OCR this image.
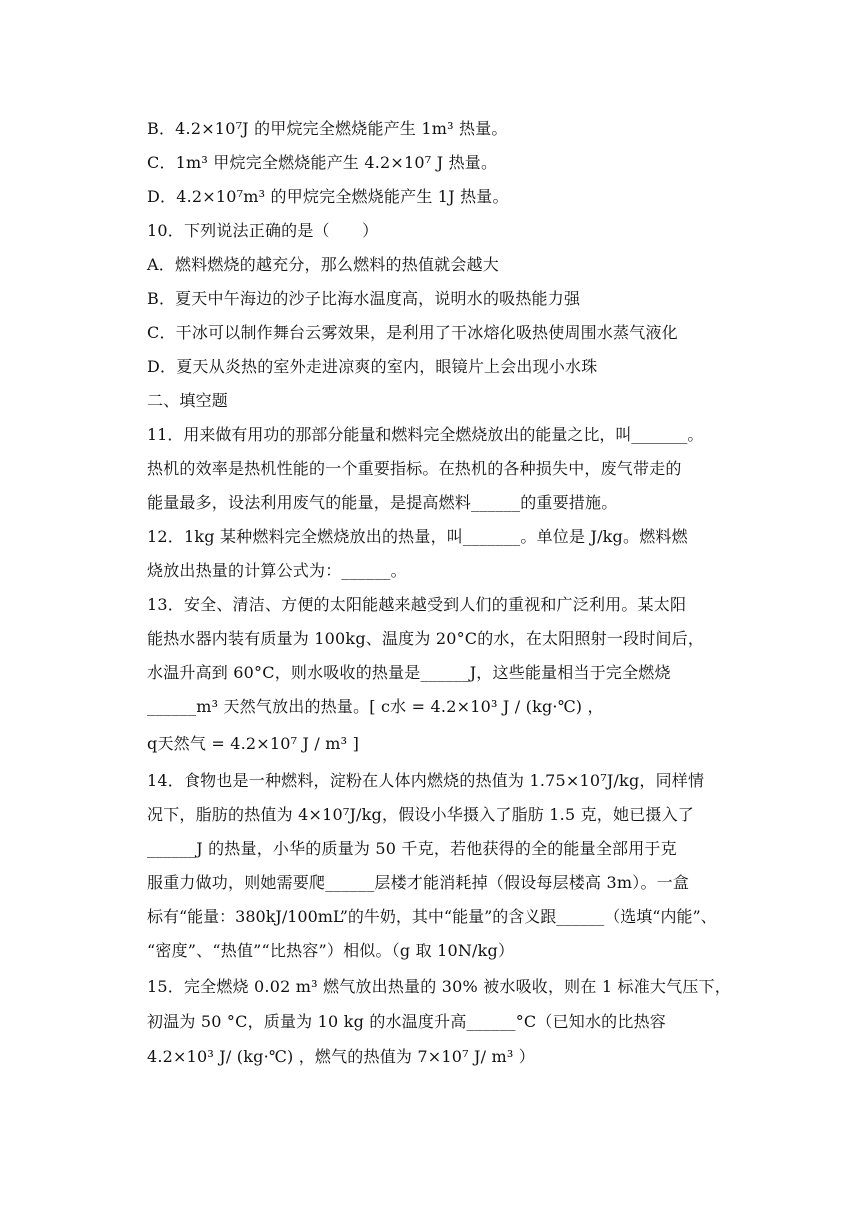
B．4.2×10⁷J 的甲烷完全燃烧能产生 1m³ 热量。
C．1m³ 甲烷完全燃烧能产生 4.2×10⁷ J 热量。
D．4.2×10⁷m³ 的甲烷完全燃烧能产生 1J 热量。
10．下列说法正确的是（　　）
A．燃料燃烧的越充分，那么燃料的热值就会越大
B．夏天中午海边的沙子比海水温度高，说明水的吸热能力强
C．干冰可以制作舞台云雾效果，是利用了干冰熔化吸热使周围水蒸气液化
D．夏天从炎热的室外走进凉爽的室内，眼镜片上会出现小水珠
二、填空题
11．用来做有用功的那部分能量和燃料完全燃烧放出的能量之比，叫_______。
热机的效率是热机性能的一个重要指标。在热机的各种损失中，废气带走的
能量最多，设法利用废气的能量，是提高燃料______的重要措施。
12．1kg 某种燃料完全燃烧放出的热量，叫_______。单位是 J/kg。燃料燃
烧放出热量的计算公式为：______。
13．安全、清洁、方便的太阳能越来越受到人们的重视和广泛利用。某太阳
能热水器内装有质量为 100kg、温度为 20°C的水，在太阳照射一段时间后，
水温升高到 60°C，则水吸收的热量是______J，这些能量相当于完全燃烧
______m³ 天然气放出的热量。[ c水 = 4.2×10³ J / (kg·℃) ，
q天然气 = 4.2×10⁷ J / m³ ]
14．食物也是一种燃料，淀粉在人体内燃烧的热值为 1.75×10⁷J/kg，同样情
况下，脂肪的热值为 4×10⁷J/kg，假设小华摄入了脂肪 1.5 克，她已摄入了
______J 的热量，小华的质量为 50 千克，若他获得的全的能量全部用于克
服重力做功，则她需要爬______层楼才能消耗掉（假设每层楼高 3m）。一盒
标有“能量：380kJ/100mL”的牛奶，其中“能量”的含义跟______（选填“内能”、
“密度”、“热值”“比热容”）相似。（g 取 10N/kg）
15．完全燃烧 0.02 m³ 燃气放出热量的 30% 被水吸收，则在 1 标准大气压下，
初温为 50 °C，质量为 10 kg 的水温度升高______°C（已知水的比热容
4.2×10³ J/ (kg·℃) ，燃气的热值为 7×10⁷ J/ m³ ）
